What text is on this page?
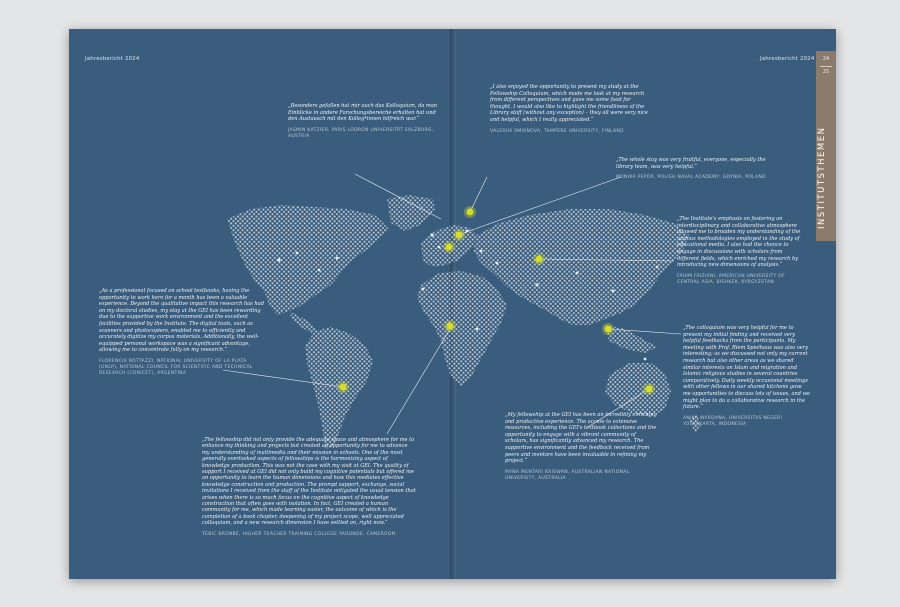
Jahresbericht 2024	Jahresbericht 2024	24
25
INSTITUTSTHEMEN
„Besonders gefallen hat mir auch das Kolloquium, da man Einblicke in andere Forschungsbereiche erhalten hat und den Austausch mit den Kolleg*innen hilfreich war.“
JASMIN KATZIER, PARIS LODRON UNIVERSITÄT SALZBURG, AUSTRIA
„I also enjoyed the opportunity to present my study at the Fellowship Colloquium, which made me look at my research from different perspectives and gave me some food for thought. I would also like to highlight the friendliness of the Library staff (without any exception) – they all were very nice and helpful, which I really appreciated.“
VALERIIA SMIRNOVA, TAMPERE UNIVERSITY, FINLAND
„The whole stay was very fruitful, everyone, especially the library team, was very helpful.“
MONIKA PEPOR, POLISH NAVAL ACADEMY, GDYNIA, POLAND
„The Institute's emphasis on fostering an interdisciplinary and collaborative atmosphere allowed me to broaden my understanding of the various methodologies employed in the study of educational media. I also had the chance to engage in discussions with scholars from different fields, which enriched my research by introducing new dimensions of analysis.“
FAHIM FAIZIANI, AMERICAN UNIVERSITY OF CENTRAL ASIA, BISHKEK, KYRGYZSTAN
„As a professional focused on school textbooks, having the opportunity to work here for a month has been a valuable experience. Beyond the qualitative impact this research has had on my doctoral studies, my stay at the GEI has been rewarding due to the supportive work environment and the excellent facilities provided by the Institute. The digital tools, such as scanners and photocopiers, enabled me to efficiently and accurately digitize my corpus materials. Additionally, the well-equipped personal workspace was a significant advantage, allowing me to concentrate fully on my research.“
FLORENCIA BOTTAZZI, NATIONAL UNIVERSITY OF LA PLATA (UNLP), NATIONAL COUNCIL FOR SCIENTIFIC AND TECHNICAL RESEARCH (CONICET), ARGENTINA
„The colloquium was very helpful for me to present my initial finding and received very helpful feedbacks from the participants. My meeting with Prof. Riem Spielhaus was also very interesting; as we discussed not only my current research but also other areas as we shared similar interests on Islam and migration and Islamic religious studies in several countries comparatively. Daily weekly occasional meetings with other fellows in our shared kitchens gave me opportunities to discuss lots of issues, and we might plan to do a collaborative research in the future.“
ANIKA WARDANA, UNIVERSITAS NEGERI YOGYAKARTA, INDONESIA
„My fellowship at the GEI has been an incredibly enriching and productive experience. The access to extensive resources, including the GEI's textbook collections and the opportunity to engage with a vibrant community of scholars, has significantly advanced my research. The supportive environment and the feedback received from peers and mentors have been invaluable in refining my project.“
MYNA MENTARI KRISWAN, AUSTRALIAN NATIONAL UNIVERSITY, AUSTRALIA
„The fellowship did not only provide the adequate space and atmosphere for me to enhance my thinking and projects but created an opportunity for me to advance my understanding of multimedia and their mission in schools. One of the most generally overlooked aspects of fellowships is the harmonizing aspect of knowledge production. This was not the case with my visit at GEI. The quality of support I received at GEI did not only build my cognitive potentials but offered me an opportunity to learn the human dimensions and how this mediates effective knowledge construction and production. The prompt support, exchange, social invitations I received from the staff of the Institute mitigated the usual tension that arises when there is so much focus on the cognitive aspect of knowledge construction that often goes with isolation. In fact, GEI created a human community for me, which made learning easier, the outcome of which is the completion of a book chapter, deepening of my project scope, well appreciated colloquium, and a new research dimension I have settled on, right now.“
TEBIC BREMBE, HIGHER TEACHER TRAINING COLLEGE YAOUNDE, CAMEROON
